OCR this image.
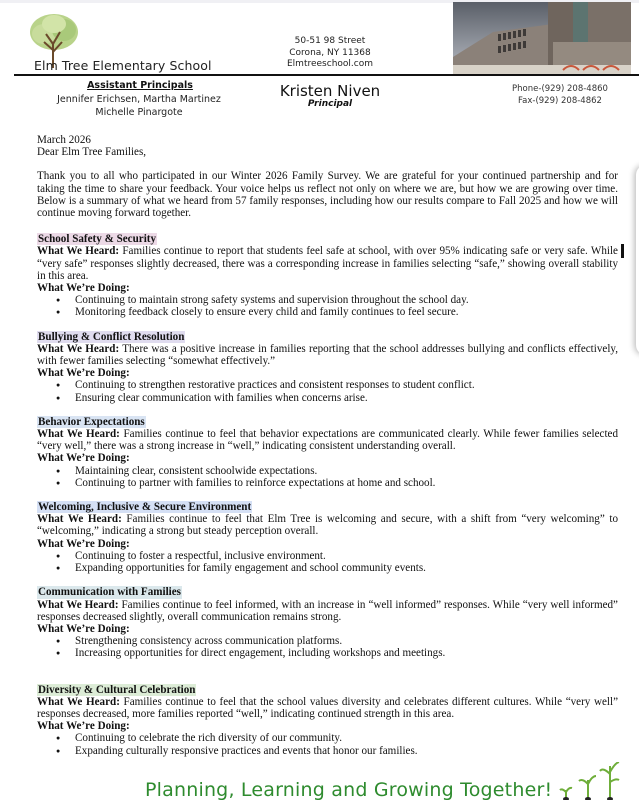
Elm Tree Elementary School
50-51 98 Street
Corona, NY 11368
Elmtreeschool.com
Assistant Principals
Jennifer Erichsen, Martha Martinez
Michelle Pinargote
Kristen Niven
Principal
Phone-(929) 208-4860
Fax-(929) 208-4862

March 2026

Dear Elm Tree Families,

Thank you to all who participated in our Winter 2026 Family Survey. We are grateful for your continued partnership and for taking the time to share your feedback. Your voice helps us reflect not only on where we are, but how we are growing over time. Below is a summary of what we heard from 57 family responses, including how our results compare to Fall 2025 and how we will continue moving forward together.

School Safety & Security

What We Heard: Families continue to report that students feel safe at school, with over 95% indicating safe or very safe. While “very safe” responses slightly decreased, there was a corresponding increase in families selecting “safe,” showing overall stability in this area.

What We’re Doing:

● Continuing to maintain strong safety systems and supervision throughout the school day.
● Monitoring feedback closely to ensure every child and family continues to feel secure.
Bullying & Conflict Resolution

What We Heard: There was a positive increase in families reporting that the school addresses bullying and conflicts effectively, with fewer families selecting “somewhat effectively.”

What We’re Doing:

● Continuing to strengthen restorative practices and consistent responses to student conflict.
● Ensuring clear communication with families when concerns arise.
Behavior Expectations

What We Heard: Families continue to feel that behavior expectations are communicated clearly. While fewer families selected “very well,” there was a strong increase in “well,” indicating consistent understanding overall.

What We’re Doing:

● Maintaining clear, consistent schoolwide expectations.
● Continuing to partner with families to reinforce expectations at home and school.
Welcoming, Inclusive & Secure Environment

What We Heard: Families continue to feel that Elm Tree is welcoming and secure, with a shift from “very welcoming” to “welcoming,” indicating a strong but steady perception overall.

What We’re Doing:

● Continuing to foster a respectful, inclusive environment.
● Expanding opportunities for family engagement and school community events.
Communication with Families

What We Heard: Families continue to feel informed, with an increase in “well informed” responses. While “very well informed” responses decreased slightly, overall communication remains strong.

What We’re Doing:

● Strengthening consistency across communication platforms.
● Increasing opportunities for direct engagement, including workshops and meetings.
Diversity & Cultural Celebration

What We Heard: Families continue to feel that the school values diversity and celebrates different cultures. While “very well” responses decreased, more families reported “well,” indicating continued strength in this area.

What We’re Doing:

● Continuing to celebrate the rich diversity of our community.
● Expanding culturally responsive practices and events that honor our families.
Planning, Learning and Growing Together!
